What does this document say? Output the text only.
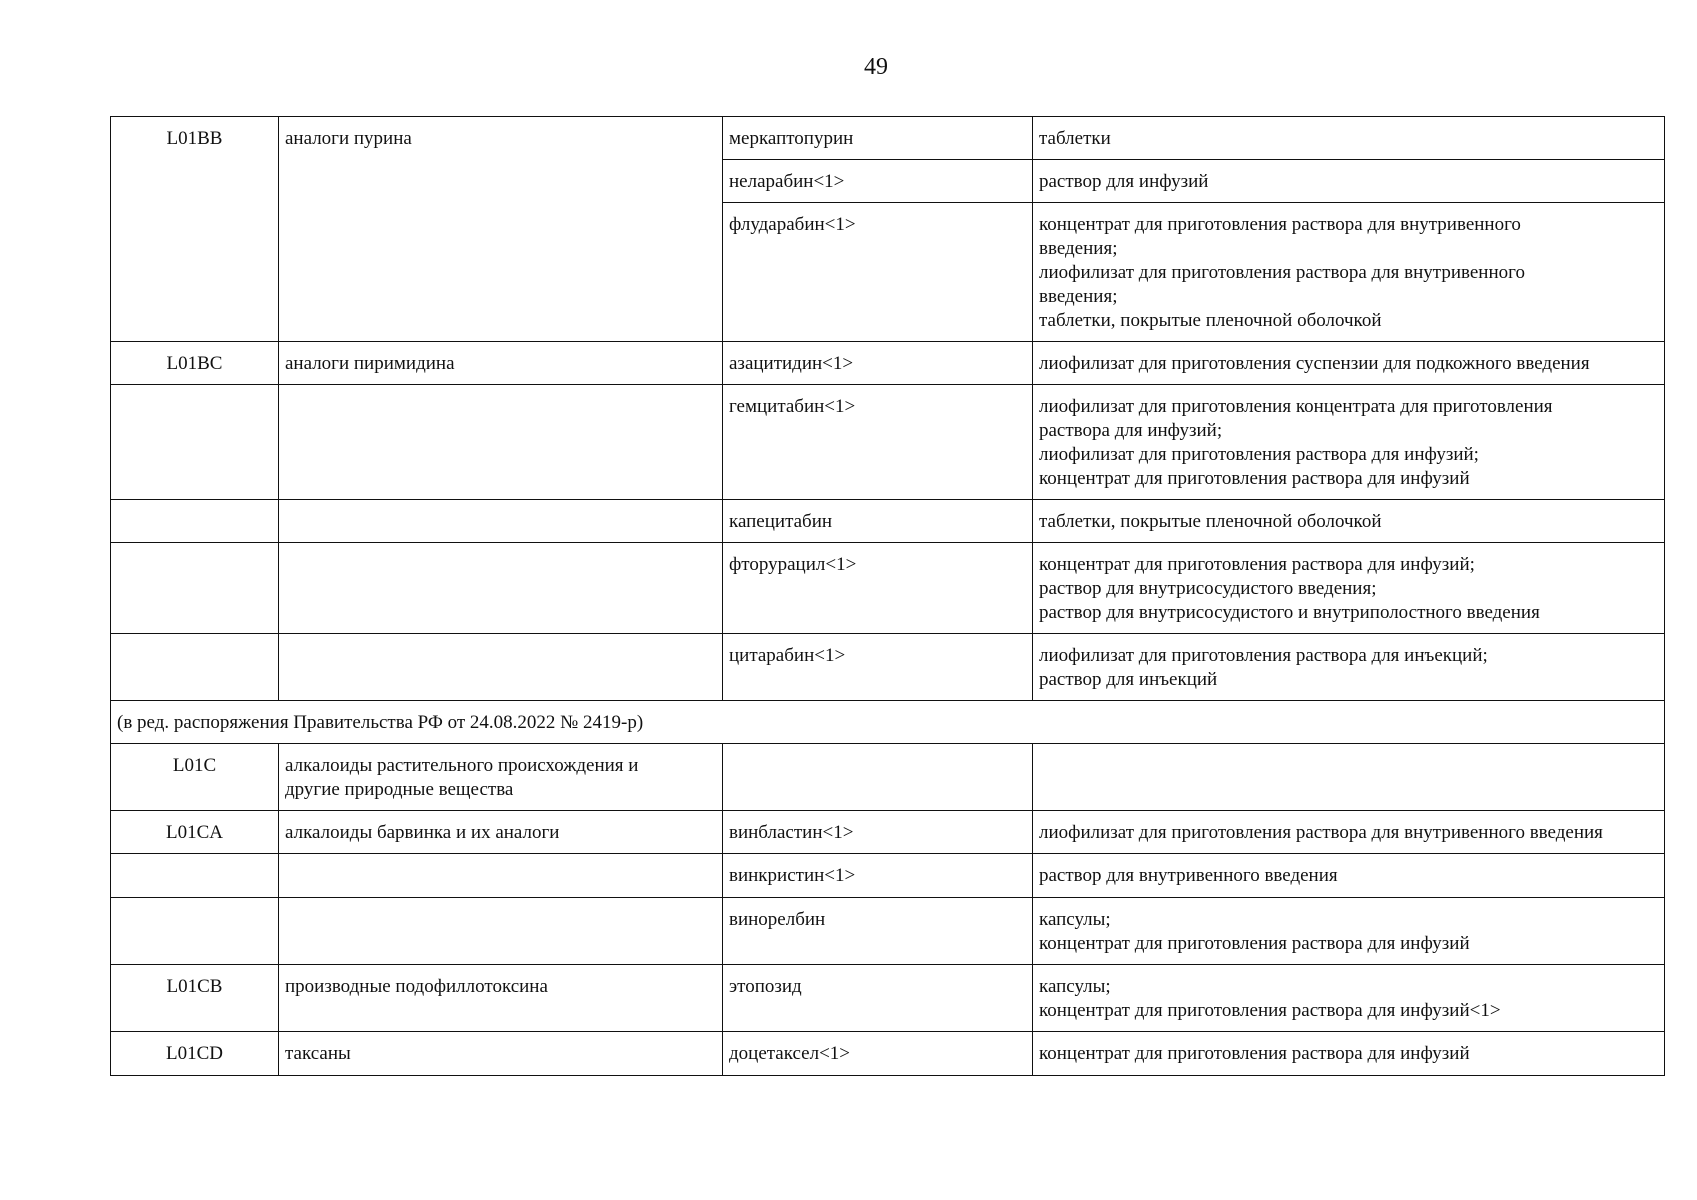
49
L01BB	аналоги пурина	меркаптопурин	таблетки
		неларабин<1>	раствор для инфузий
		флударабин<1>	концентрат для приготовления раствора для внутривенного
введения;
лиофилизат для приготовления раствора для внутривенного
введения;
таблетки, покрытые пленочной оболочкой
L01BC	аналоги пиримидина	азацитидин<1>	лиофилизат для приготовления суспензии для подкожного введения
		гемцитабин<1>	лиофилизат для приготовления концентрата для приготовления
раствора для инфузий;
лиофилизат для приготовления раствора для инфузий;
концентрат для приготовления раствора для инфузий
		капецитабин	таблетки, покрытые пленочной оболочкой
		фторурацил<1>	концентрат для приготовления раствора для инфузий;
раствор для внутрисосудистого введения;
раствор для внутрисосудистого и внутриполостного введения
		цитарабин<1>	лиофилизат для приготовления раствора для инъекций;
раствор для инъекций
(в ред. распоряжения Правительства РФ от 24.08.2022 № 2419-р)			
L01C	алкалоиды растительного происхождения и
другие природные вещества		
L01CA	алкалоиды барвинка и их аналоги	винбластин<1>	лиофилизат для приготовления раствора для внутривенного введения
		винкристин<1>	раствор для внутривенного введения
		винорелбин	капсулы;
концентрат для приготовления раствора для инфузий
L01CB	производные подофиллотоксина	этопозид	капсулы;
концентрат для приготовления раствора для инфузий<1>
L01CD	таксаны	доцетаксел<1>	концентрат для приготовления раствора для инфузий
